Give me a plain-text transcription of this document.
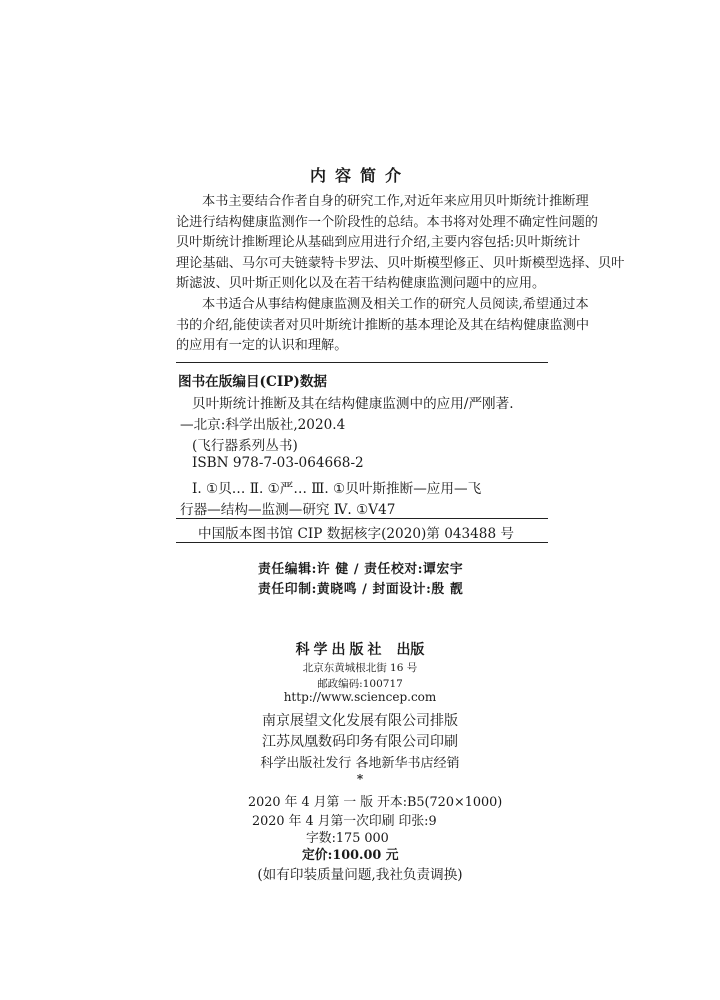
内容简介
本书主要结合作者自身的研究工作,对近年来应用贝叶斯统计推断理
论进行结构健康监测作一个阶段性的总结。本书将对处理不确定性问题的
贝叶斯统计推断理论从基础到应用进行介绍,主要内容包括:贝叶斯统计
理论基础、马尔可夫链蒙特卡罗法、贝叶斯模型修正、贝叶斯模型选择、贝叶
斯滤波、贝叶斯正则化以及在若干结构健康监测问题中的应用。
本书适合从事结构健康监测及相关工作的研究人员阅读,希望通过本
书的介绍,能使读者对贝叶斯统计推断的基本理论及其在结构健康监测中
的应用有一定的认识和理解。
图书在版编目(CIP)数据
贝叶斯统计推断及其在结构健康监测中的应用/严刚著.
—北京:科学出版社,2020.4
(飞行器系列丛书)
ISBN 978-7-03-064668-2
Ⅰ. ①贝… Ⅱ. ①严… Ⅲ. ①贝叶斯推断—应用—飞
行器—结构—监测—研究 Ⅳ. ①V47
中国版本图书馆 CIP 数据核字(2020)第 043488 号
责任编辑:许 健 / 责任校对:谭宏宇
责任印制:黄晓鸣 / 封面设计:殷 靓
科学出版社 出版
北京东黄城根北街 16 号
邮政编码:100717
http://www.sciencep.com
南京展望文化发展有限公司排版
江苏凤凰数码印务有限公司印刷
科学出版社发行 各地新华书店经销
*
2020 年 4 月第 一 版 开本:B5(720×1000)
2020 年 4 月第一次印刷 印张:9
字数:175 000
定价:100.00 元
(如有印装质量问题,我社负责调换)
